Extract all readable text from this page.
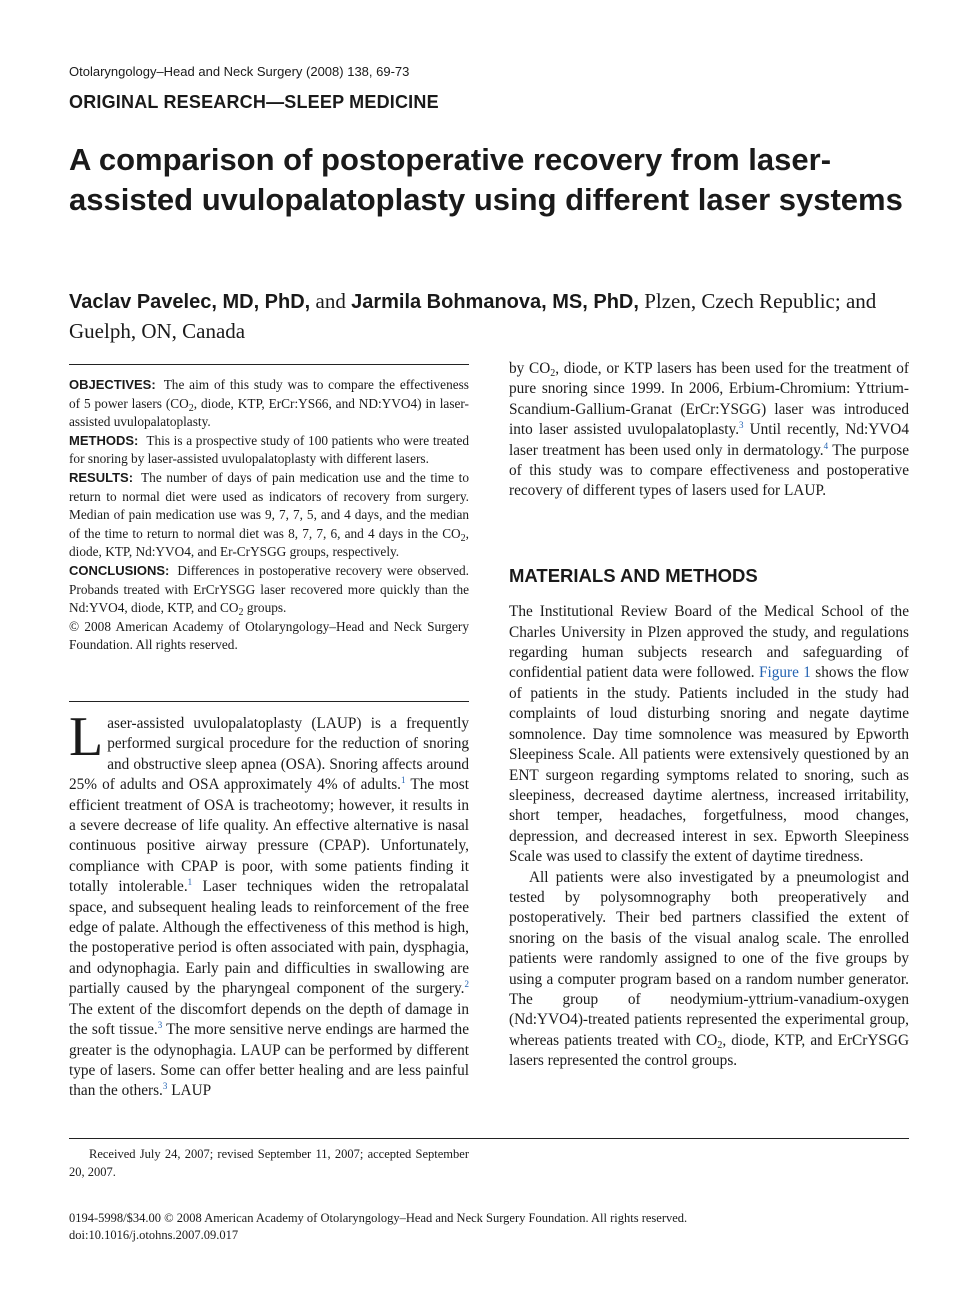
Otolaryngology–Head and Neck Surgery (2008) 138, 69-73
ORIGINAL RESEARCH—SLEEP MEDICINE
A comparison of postoperative recovery from laser-assisted uvulopalatoplasty using different laser systems
Vaclav Pavelec, MD, PhD, and Jarmila Bohmanova, MS, PhD, Plzen, Czech Republic; and Guelph, ON, Canada

OBJECTIVES: The aim of this study was to compare the effectiveness of 5 power lasers ($CO_2$, diode, KTP, ErCr:YS66, and ND:YVO4) in laser-assisted uvulopalatoplasty.

METHODS: This is a prospective study of 100 patients who were treated for snoring by laser-assisted uvulopalatoplasty with different lasers.

RESULTS: The number of days of pain medication use and the time to return to normal diet were used as indicators of recovery from surgery. Median of pain medication use was 9, 7, 7, 5, and 4 days, and the median of the time to return to normal diet was 8, 7, 7, 6, and 4 days in the $CO_2$, diode, KTP, Nd:YVO4, and Er-CrYSGG groups, respectively.

CONCLUSIONS: Differences in postoperative recovery were observed. Probands treated with ErCrYSGG laser recovered more quickly than the Nd:YVO4, diode, KTP, and $CO_2$ groups.

© 2008 American Academy of Otolaryngology–Head and Neck Surgery Foundation. All rights reserved.

Laser-assisted uvulopalatoplasty (LAUP) is a frequently performed surgical procedure for the reduction of snoring and obstructive sleep apnea (OSA). Snoring affects around 25% of adults and OSA approximately 4% of adults.$^1$ The most efficient treatment of OSA is tracheotomy; however, it results in a severe decrease of life quality. An effective alternative is nasal continuous positive airway pressure (CPAP). Unfortunately, compliance with CPAP is poor, with some patients finding it totally intolerable.$^1$ Laser techniques widen the retropalatal space, and subsequent healing leads to reinforcement of the free edge of palate. Although the effectiveness of this method is high, the postoperative period is often associated with pain, dysphagia, and odynophagia. Early pain and difficulties in swallowing are partially caused by the pharyngeal component of the surgery.$^2$ The extent of the discomfort depends on the depth of damage in the soft tissue.$^3$ The more sensitive nerve endings are harmed the greater is the odynophagia. LAUP can be performed by different type of lasers. Some can offer better healing and are less painful than the others.$^3$ LAUP

by $CO_2$, diode, or KTP lasers has been used for the treatment of pure snoring since 1999. In 2006, Erbium-Chromium: Yttrium-Scandium-Gallium-Granat (ErCr:YSGG) laser was introduced into laser assisted uvulopalatoplasty.$^3$ Until recently, Nd:YVO4 laser treatment has been used only in dermatology.$^4$ The purpose of this study was to compare effectiveness and postoperative recovery of different types of lasers used for LAUP.

MATERIALS AND METHODS

The Institutional Review Board of the Medical School of the Charles University in Plzen approved the study, and regulations regarding human subjects research and safeguarding of confidential patient data were followed. Figure 1 shows the flow of patients in the study. Patients included in the study had complaints of loud disturbing snoring and negate daytime somnolence. Day time somnolence was measured by Epworth Sleepiness Scale. All patients were extensively questioned by an ENT surgeon regarding symptoms related to snoring, such as sleepiness, decreased daytime alertness, increased irritability, short temper, headaches, forgetfulness, mood changes, depression, and decreased interest in sex. Epworth Sleepiness Scale was used to classify the extent of daytime tiredness.

All patients were also investigated by a pneumologist and tested by polysomnography both preoperatively and postoperatively. Their bed partners classified the extent of snoring on the basis of the visual analog scale. The enrolled patients were randomly assigned to one of the five groups by using a computer program based on a random number generator. The group of neodymium-yttrium-vanadium-oxygen (Nd:YVO4)-treated patients represented the experimental group, whereas patients treated with $CO_2$, diode, KTP, and ErCrYSGG lasers represented the control groups.

Received July 24, 2007; revised September 11, 2007; accepted September 20, 2007.
0194-5998/$34.00 © 2008 American Academy of Otolaryngology–Head and Neck Surgery Foundation. All rights reserved.
doi:10.1016/j.otohns.2007.09.017
